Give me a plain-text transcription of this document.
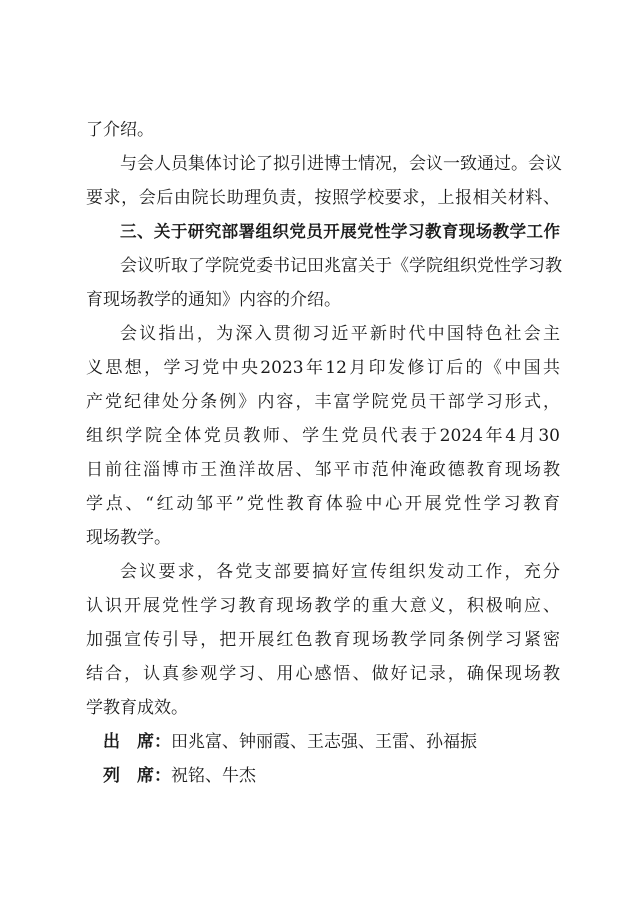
了介绍。
与会人员集体讨论了拟引进博士情况，会议一致通过。会议
要求，会后由院长助理负责，按照学校要求，上报相关材料、
三、关于研究部署组织党员开展党性学习教育现场教学工作
会议听取了学院党委书记田兆富关于《学院组织党性学习教
育现场教学的通知》内容的介绍。
会议指出，为深入贯彻习近平新时代中国特色社会主
义思想，学习党中央2023年12月印发修订后的《中国共
产党纪律处分条例》内容，丰富学院党员干部学习形式，
组织学院全体党员教师、学生党员代表于2024年4月30
日前往淄博市王渔洋故居、邹平市范仲淹政德教育现场教
学点、“红动邹平”党性教育体验中心开展党性学习教育
现场教学。
会议要求，各党支部要搞好宣传组织发动工作，充分
认识开展党性学习教育现场教学的重大意义，积极响应、
加强宣传引导，把开展红色教育现场教学同条例学习紧密
结合，认真参观学习、用心感悟、做好记录，确保现场教
学教育成效。
出　席：田兆富、钟丽霞、王志强、王雷、孙福振
列　席：祝铭、牛杰
